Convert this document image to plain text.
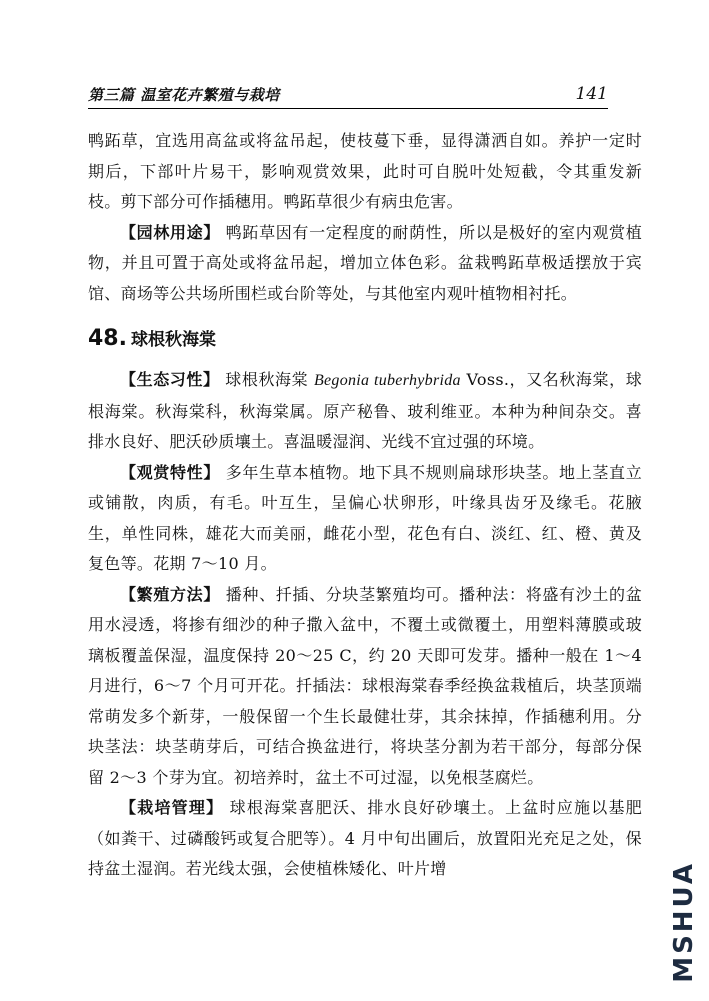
第三篇 温室花卉繁殖与栽培	141

鸭跖草，宜选用高盆或将盆吊起，使枝蔓下垂，显得潇洒自如。养护一定时期后，下部叶片易干，影响观赏效果，此时可自脱叶处短截，令其重发新枝。剪下部分可作插穗用。鸭跖草很少有病虫危害。

【园林用途】 鸭跖草因有一定程度的耐荫性，所以是极好的室内观赏植物，并且可置于高处或将盆吊起，增加立体色彩。盆栽鸭跖草极适摆放于宾馆、商场等公共场所围栏或台阶等处，与其他室内观叶植物相衬托。

48. 球根秋海棠

【生态习性】 球根秋海棠 Begonia tuberhybrida Voss.，又名秋海棠，球根海棠。秋海棠科，秋海棠属。原产秘鲁、玻利维亚。本种为种间杂交。喜排水良好、肥沃砂质壤土。喜温暖湿润、光线不宜过强的环境。

【观赏特性】 多年生草本植物。地下具不规则扁球形块茎。地上茎直立或铺散，肉质，有毛。叶互生，呈偏心状卵形，叶缘具齿牙及缘毛。花腋生，单性同株，雄花大而美丽，雌花小型，花色有白、淡红、红、橙、黄及复色等。花期 7～10 月。

【繁殖方法】 播种、扦插、分块茎繁殖均可。播种法：将盛有沙土的盆用水浸透，将掺有细沙的种子撒入盆中，不覆土或微覆土，用塑料薄膜或玻璃板覆盖保湿，温度保持 20～25 C，约 20 天即可发芽。播种一般在 1～4 月进行，6～7 个月可开花。扦插法：球根海棠春季经换盆栽植后，块茎顶端常萌发多个新芽，一般保留一个生长最健壮芽，其余抹掉，作插穗利用。分块茎法：块茎萌芽后，可结合换盆进行，将块茎分割为若干部分，每部分保留 2～3 个芽为宜。初培养时，盆土不可过湿，以免根茎腐烂。

【栽培管理】 球根海棠喜肥沃、排水良好砂壤土。上盆时应施以基肥（如粪干、过磷酸钙或复合肥等）。4 月中旬出圃后，放置阳光充足之处，保持盆土湿润。若光线太强，会使植株矮化、叶片增	MSHUA
